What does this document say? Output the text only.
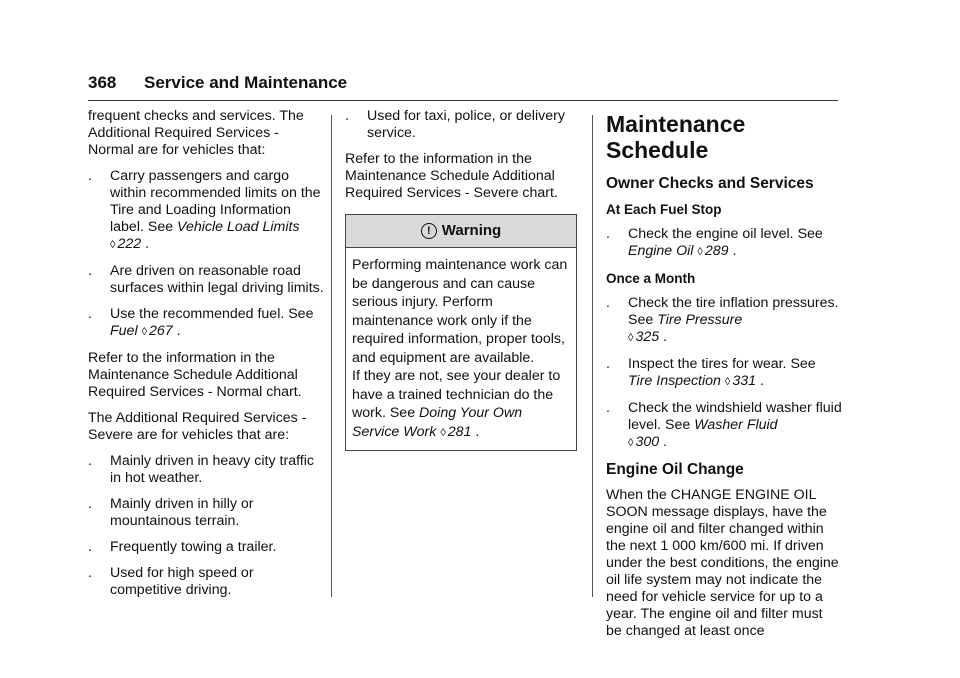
368 Service and Maintenance

frequent checks and services. The Additional Required Services - Normal are for vehicles that:

. Carry passengers and cargo within recommended limits on the Tire and Loading Information label. See Vehicle Load Limits
◊ 222 .
. Are driven on reasonable road surfaces within legal driving limits.
. Use the recommended fuel. See
Fuel ◊ 267 .

Refer to the information in the Maintenance Schedule Additional Required Services - Normal chart.

The Additional Required Services - Severe are for vehicles that are:

. Mainly driven in heavy city traffic in hot weather.
. Mainly driven in hilly or mountainous terrain.
. Frequently towing a trailer.
. Used for high speed or competitive driving.
. Used for taxi, police, or delivery service.

Refer to the information in the Maintenance Schedule Additional Required Services - Severe chart.

! Warning
Performing maintenance work can be dangerous and can cause serious injury. Perform maintenance work only if the required information, proper tools, and equipment are available.
If they are not, see your dealer to have a trained technician do the work. See Doing Your Own Service Work ◊ 281 .
Maintenance Schedule
Owner Checks and Services
At Each Fuel Stop
. Check the engine oil level. See
Engine Oil ◊ 289 .
Once a Month
. Check the tire inflation pressures. See Tire Pressure
◊ 325 .
. Inspect the tires for wear. See
Tire Inspection ◊ 331 .
. Check the windshield washer fluid level. See Washer Fluid
◊ 300 .
Engine Oil Change

When the CHANGE ENGINE OIL SOON message displays, have the engine oil and filter changed within the next 1 000 km/600 mi. If driven under the best conditions, the engine oil life system may not indicate the need for vehicle service for up to a year. The engine oil and filter must be changed at least once
